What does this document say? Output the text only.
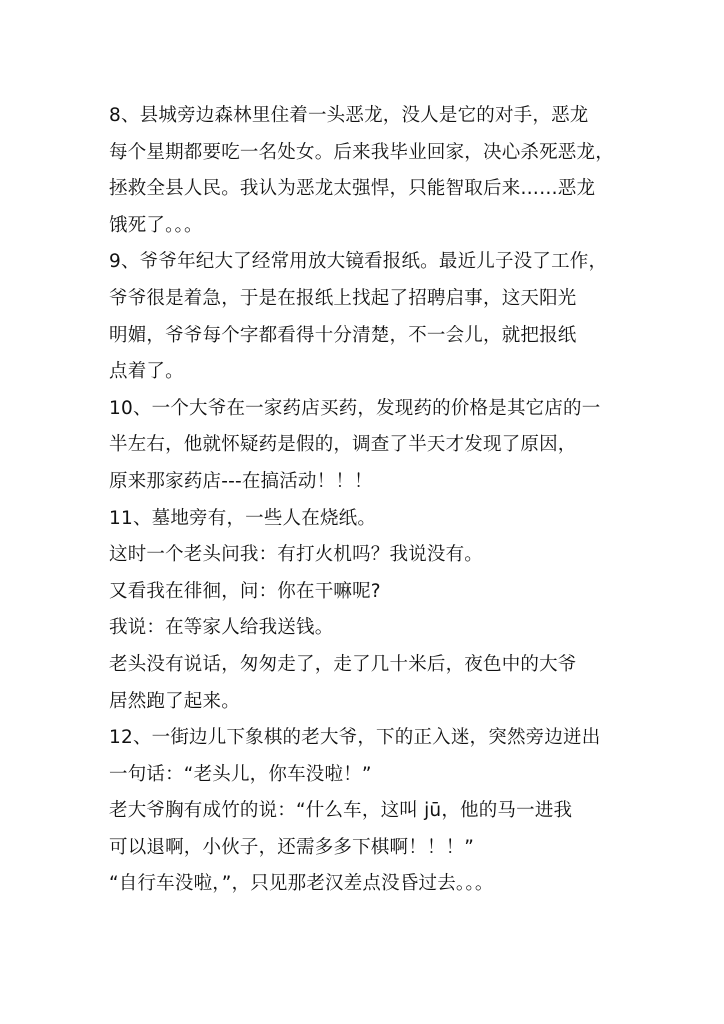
8、县城旁边森林里住着一头恶龙，没人是它的对手，恶龙
每个星期都要吃一名处女。后来我毕业回家，决心杀死恶龙，
拯救全县人民。我认为恶龙太强悍，只能智取后来……恶龙
饿死了。。。
9、爷爷年纪大了经常用放大镜看报纸。最近儿子没了工作，
爷爷很是着急，于是在报纸上找起了招聘启事，这天阳光
明媚，爷爷每个字都看得十分清楚，不一会儿，就把报纸
点着了。
10、一个大爷在一家药店买药，发现药的价格是其它店的一
半左右，他就怀疑药是假的，调查了半天才发现了原因，
原来那家药店---在搞活动！！！
11、墓地旁有，一些人在烧纸。
这时一个老头问我：有打火机吗？我说没有。
又看我在徘徊，问：你在干嘛呢?
我说：在等家人给我送钱。
老头没有说话，匆匆走了，走了几十米后，夜色中的大爷
居然跑了起来。
12、一街边儿下象棋的老大爷，下的正入迷，突然旁边迸出
一句话：“老头儿，你车没啦！”
老大爷胸有成竹的说：“什么车，这叫 jū，他的马一进我
可以退啊，小伙子，还需多多下棋啊！！！”
“自行车没啦，”，只见那老汉差点没昏过去。。。
